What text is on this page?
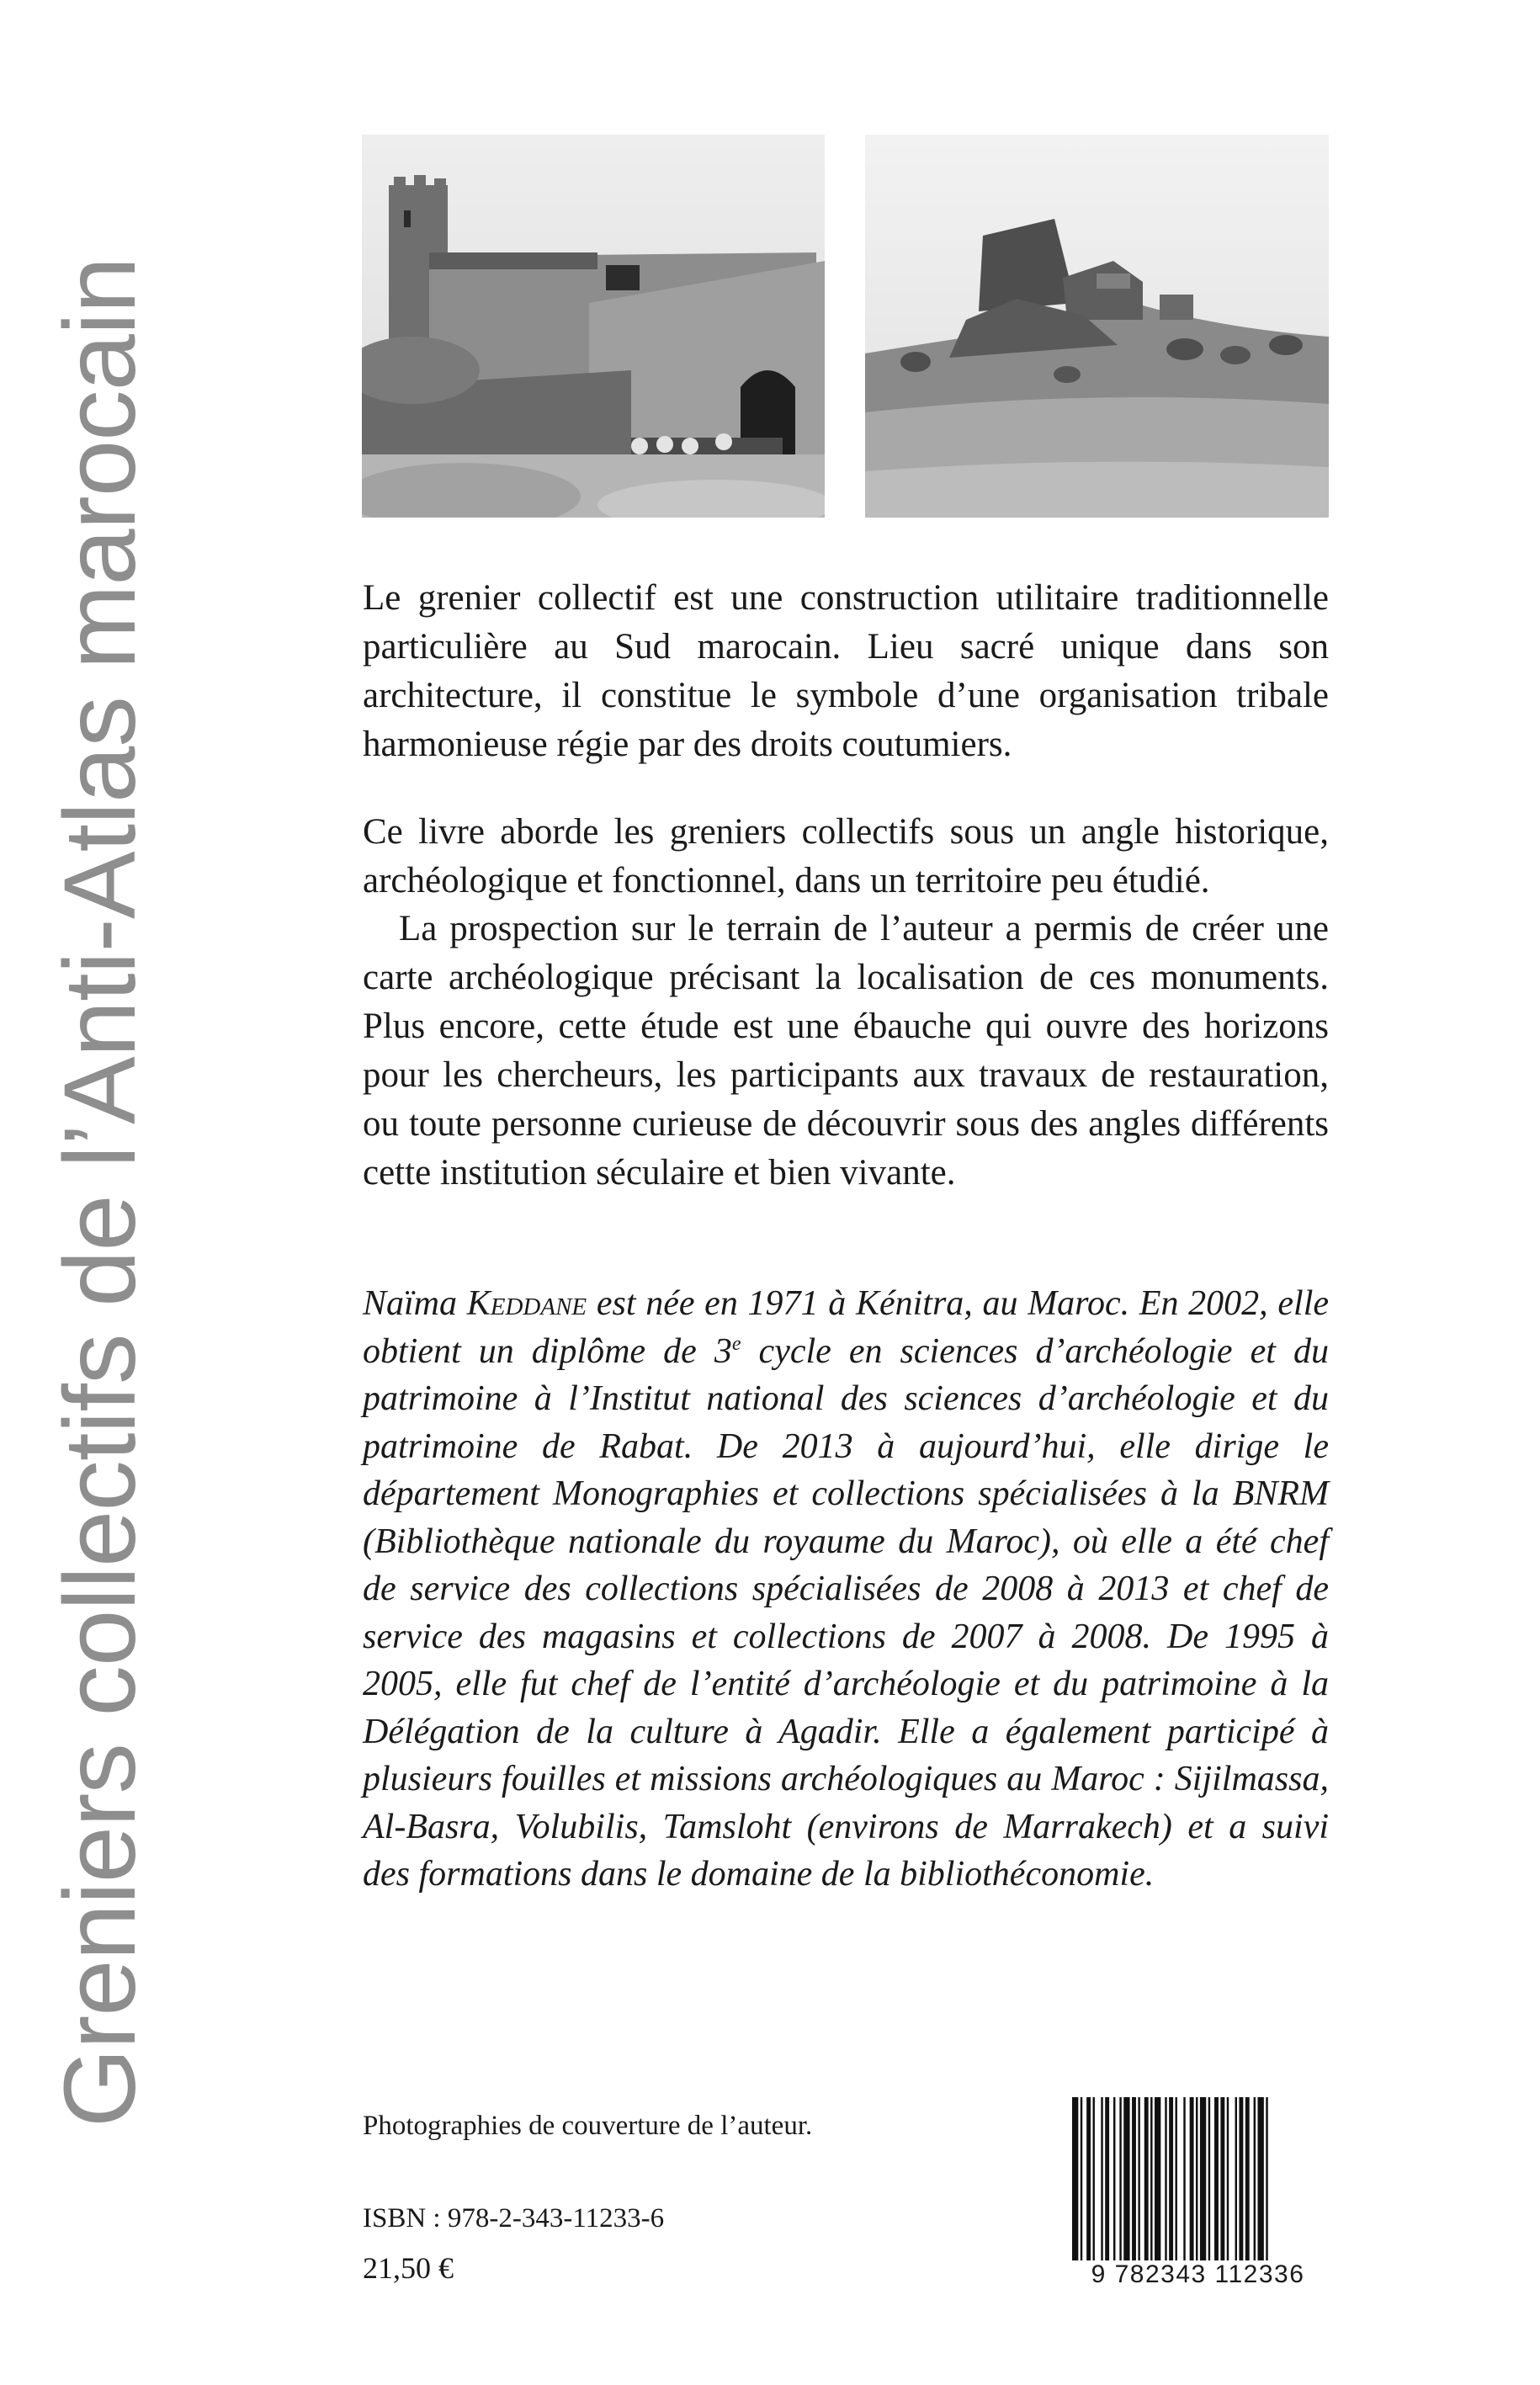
Greniers collectifs de l’Anti-Atlas marocain	Le grenier collectif est une construction utilitaire traditionnelle particulière au Sud marocain. Lieu sacré unique dans son architecture, il constitue le symbole d’une organisation tribale harmonieuse régie par des droits coutumiers.

Ce livre aborde les greniers collectifs sous un angle historique, archéologique et fonctionnel, dans un territoire peu étudié.

La prospection sur le terrain de l’auteur a permis de créer une carte archéologique précisant la localisation de ces monuments. Plus encore, cette étude est une ébauche qui ouvre des horizons pour les chercheurs, les participants aux travaux de restauration, ou toute personne curieuse de découvrir sous des angles différents cette institution séculaire et bien vivante.

Naïma Keddane est née en 1971 à Kénitra, au Maroc. En 2002, elle obtient un diplôme de 3e cycle en sciences d’archéologie et du patrimoine à l’Institut national des sciences d’archéologie et du patrimoine de Rabat. De 2013 à aujourd’hui, elle dirige le département Monographies et collections spécialisées à la BNRM (Bibliothèque nationale du royaume du Maroc), où elle a été chef de service des collections spécialisées de 2008 à 2013 et chef de service des magasins et collections de 2007 à 2008. De 1995 à 2005, elle fut chef de l’entité d’archéologie et du patrimoine à la Délégation de la culture à Agadir. Elle a également participé à plusieurs fouilles et missions archéologiques au Maroc : Sijilmassa, Al-Basra, Volubilis, Tamsloht (environs de Marrakech) et a suivi des formations dans le domaine de la bibliothéconomie.

Photographies de couverture de l’auteur.
ISBN : 978-2-343-11233-6
21,50 €	9 782343 112336
